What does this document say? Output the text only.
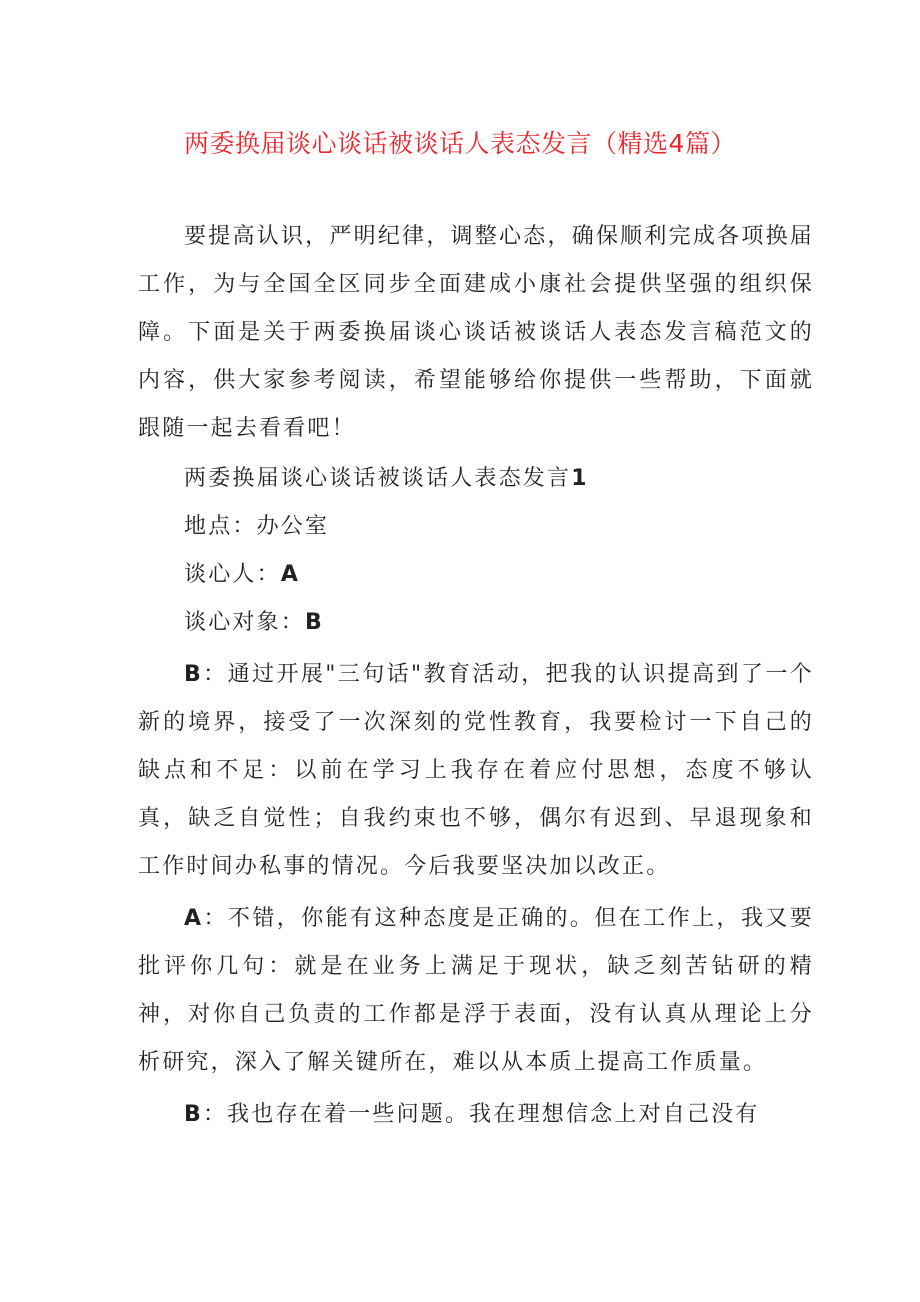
两委换届谈心谈话被谈话人表态发言（精选4篇）

要提高认识，严明纪律，调整心态，确保顺利完成各项换届工作，为与全国全区同步全面建成小康社会提供坚强的组织保障。下面是关于两委换届谈心谈话被谈话人表态发言稿范文的内容，供大家参考阅读，希望能够给你提供一些帮助，下面就跟随一起去看看吧！

两委换届谈心谈话被谈话人表态发言1

地点：办公室

谈心人：A

谈心对象：B

B：通过开展"三句话"教育活动，把我的认识提高到了一个新的境界，接受了一次深刻的党性教育，我要检讨一下自己的缺点和不足：以前在学习上我存在着应付思想，态度不够认真，缺乏自觉性；自我约束也不够，偶尔有迟到、早退现象和工作时间办私事的情况。今后我要坚决加以改正。

A：不错，你能有这种态度是正确的。但在工作上，我又要批评你几句：就是在业务上满足于现状，缺乏刻苦钻研的精神，对你自己负责的工作都是浮于表面，没有认真从理论上分析研究，深入了解关键所在，难以从本质上提高工作质量。

B：我也存在着一些问题。我在理想信念上对自己没有
